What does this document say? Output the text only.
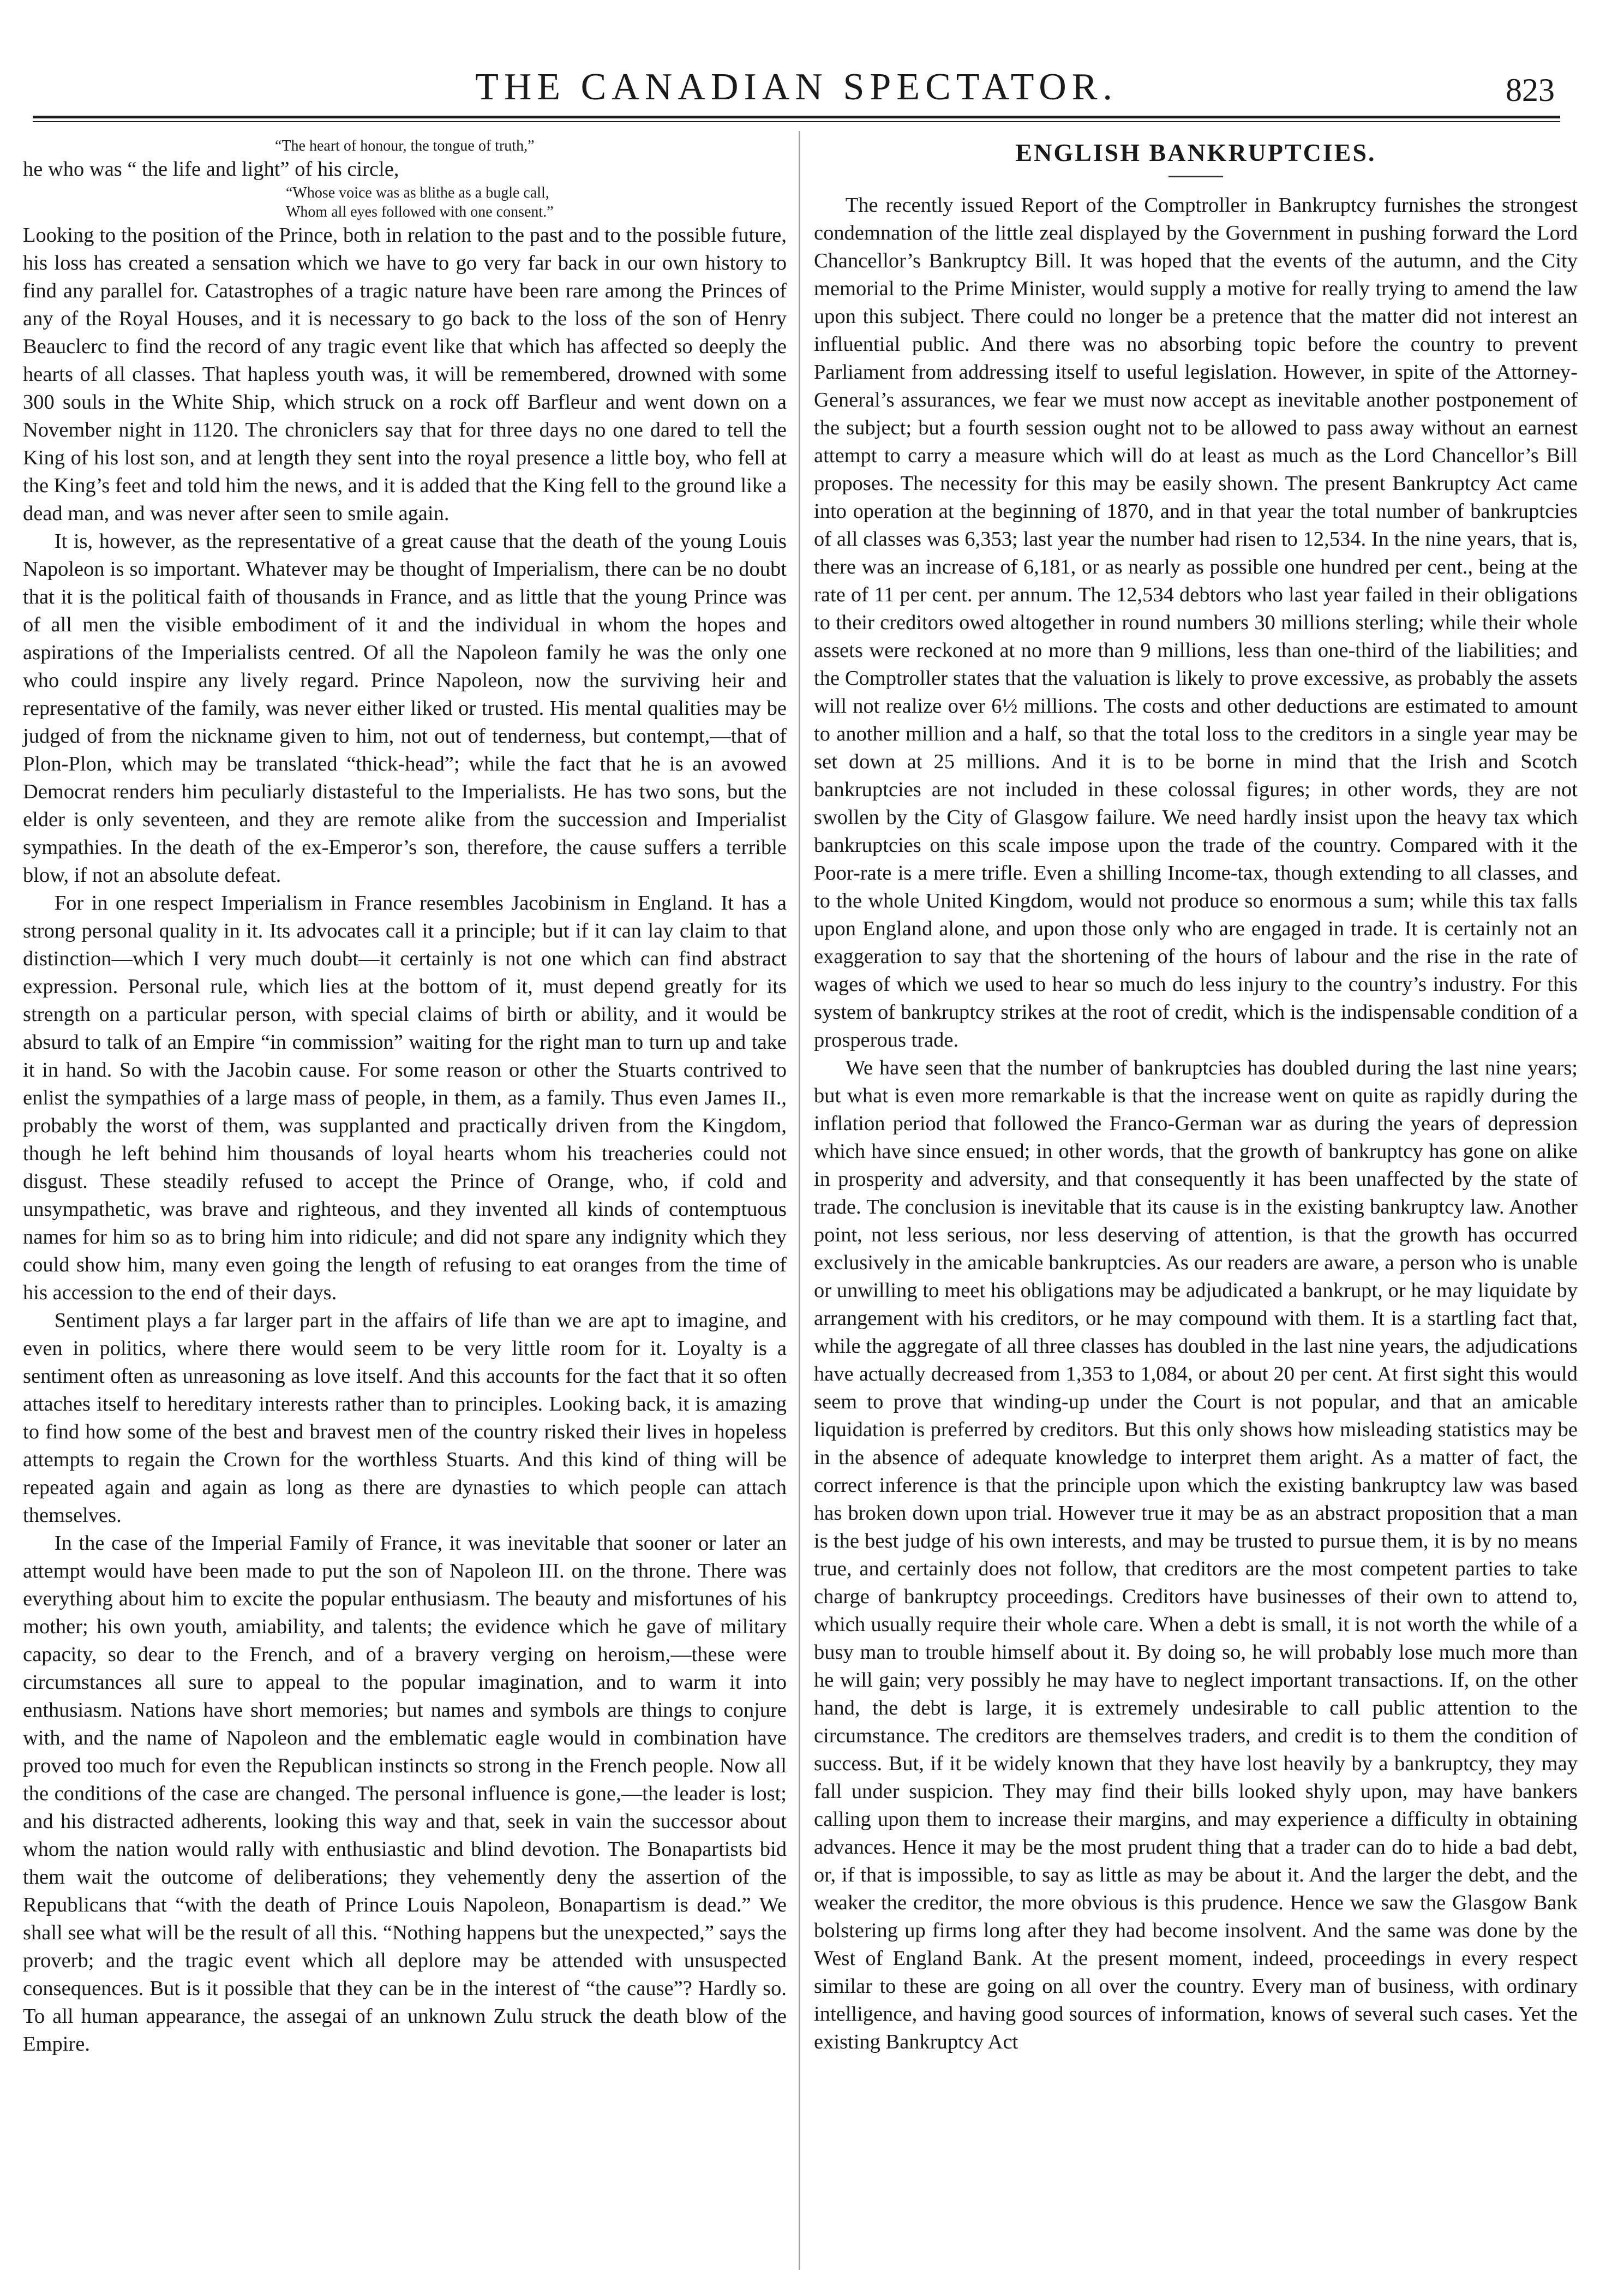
THE CANADIAN SPECTATOR.	823

“The heart of honour, the tongue of truth,”

he who was “ the life and light” of his circle,

“Whose voice was as blithe as a bugle call,

Whom all eyes followed with one consent.”

Looking to the position of the Prince, both in relation to the past and to the possible future, his loss has created a sensation which we have to go very far back in our own history to find any parallel for. Catastrophes of a tragic nature have been rare among the Princes of any of the Royal Houses, and it is necessary to go back to the loss of the son of Henry Beauclerc to find the record of any tragic event like that which has affected so deeply the hearts of all classes. That hapless youth was, it will be remembered, drowned with some 300 souls in the White Ship, which struck on a rock off Barfleur and went down on a November night in 1120. The chroniclers say that for three days no one dared to tell the King of his lost son, and at length they sent into the royal presence a little boy, who fell at the King’s feet and told him the news, and it is added that the King fell to the ground like a dead man, and was never after seen to smile again.

It is, however, as the representative of a great cause that the death of the young Louis Napoleon is so important. Whatever may be thought of Imperialism, there can be no doubt that it is the political faith of thousands in France, and as little that the young Prince was of all men the visible embodiment of it and the individual in whom the hopes and aspirations of the Imperialists centred. Of all the Napoleon family he was the only one who could inspire any lively regard. Prince Napoleon, now the surviving heir and representative of the family, was never either liked or trusted. His mental qualities may be judged of from the nickname given to him, not out of tenderness, but contempt,—that of Plon-Plon, which may be translated “thick-head”; while the fact that he is an avowed Democrat renders him peculiarly distasteful to the Imperialists. He has two sons, but the elder is only seventeen, and they are remote alike from the succession and Imperialist sympathies. In the death of the ex-Emperor’s son, therefore, the cause suffers a terrible blow, if not an absolute defeat.

For in one respect Imperialism in France resembles Jacobinism in England. It has a strong personal quality in it. Its advocates call it a principle; but if it can lay claim to that distinction—which I very much doubt—it certainly is not one which can find abstract expression. Personal rule, which lies at the bottom of it, must depend greatly for its strength on a particular person, with special claims of birth or ability, and it would be absurd to talk of an Empire “in commission” waiting for the right man to turn up and take it in hand. So with the Jacobin cause. For some reason or other the Stuarts contrived to enlist the sympathies of a large mass of people, in them, as a family. Thus even James II., probably the worst of them, was supplanted and practically driven from the Kingdom, though he left behind him thousands of loyal hearts whom his treacheries could not disgust. These steadily refused to accept the Prince of Orange, who, if cold and unsympathetic, was brave and righteous, and they invented all kinds of contemptuous names for him so as to bring him into ridicule; and did not spare any indignity which they could show him, many even going the length of refusing to eat oranges from the time of his accession to the end of their days.

Sentiment plays a far larger part in the affairs of life than we are apt to imagine, and even in politics, where there would seem to be very little room for it. Loyalty is a sentiment often as unreasoning as love itself. And this accounts for the fact that it so often attaches itself to hereditary interests rather than to principles. Looking back, it is amazing to find how some of the best and bravest men of the country risked their lives in hopeless attempts to regain the Crown for the worthless Stuarts. And this kind of thing will be repeated again and again as long as there are dynasties to which people can attach themselves.

In the case of the Imperial Family of France, it was inevitable that sooner or later an attempt would have been made to put the son of Napoleon III. on the throne. There was everything about him to excite the popular enthusiasm. The beauty and misfortunes of his mother; his own youth, amiability, and talents; the evidence which he gave of military capacity, so dear to the French, and of a bravery verging on heroism,—these were circumstances all sure to appeal to the popular imagination, and to warm it into enthusiasm. Nations have short memories; but names and symbols are things to conjure with, and the name of Napoleon and the emblematic eagle would in combination have proved too much for even the Republican instincts so strong in the French people. Now all the conditions of the case are changed. The personal influence is gone,—the leader is lost; and his distracted adherents, looking this way and that, seek in vain the successor about whom the nation would rally with enthusiastic and blind devotion. The Bonapartists bid them wait the outcome of deliberations; they vehemently deny the assertion of the Republicans that “with the death of Prince Louis Napoleon, Bonapartism is dead.” We shall see what will be the result of all this. “Nothing happens but the unexpected,” says the proverb; and the tragic event which all deplore may be attended with unsuspected consequences. But is it possible that they can be in the interest of “the cause”? Hardly so. To all human appearance, the assegai of an unknown Zulu struck the death blow of the Empire.

ENGLISH BANKRUPTCIES.

The recently issued Report of the Comptroller in Bankruptcy furnishes the strongest condemnation of the little zeal displayed by the Government in pushing forward the Lord Chancellor’s Bankruptcy Bill. It was hoped that the events of the autumn, and the City memorial to the Prime Minister, would supply a motive for really trying to amend the law upon this subject. There could no longer be a pretence that the matter did not interest an influential public. And there was no absorbing topic before the country to prevent Parliament from addressing itself to useful legislation. However, in spite of the Attorney-General’s assurances, we fear we must now accept as inevitable another postponement of the subject; but a fourth session ought not to be allowed to pass away without an earnest attempt to carry a measure which will do at least as much as the Lord Chancellor’s Bill proposes. The necessity for this may be easily shown. The present Bankruptcy Act came into operation at the beginning of 1870, and in that year the total number of bankruptcies of all classes was 6,353; last year the number had risen to 12,534. In the nine years, that is, there was an increase of 6,181, or as nearly as possible one hundred per cent., being at the rate of 11 per cent. per annum. The 12,534 debtors who last year failed in their obligations to their creditors owed altogether in round numbers 30 millions sterling; while their whole assets were reckoned at no more than 9 millions, less than one-third of the liabilities; and the Comptroller states that the valuation is likely to prove excessive, as probably the assets will not realize over 6½ millions. The costs and other deductions are estimated to amount to another million and a half, so that the total loss to the creditors in a single year may be set down at 25 millions. And it is to be borne in mind that the Irish and Scotch bankruptcies are not included in these colossal figures; in other words, they are not swollen by the City of Glasgow failure. We need hardly insist upon the heavy tax which bankruptcies on this scale impose upon the trade of the country. Compared with it the Poor-rate is a mere trifle. Even a shilling Income-tax, though extending to all classes, and to the whole United Kingdom, would not produce so enormous a sum; while this tax falls upon England alone, and upon those only who are engaged in trade. It is certainly not an exaggeration to say that the shortening of the hours of labour and the rise in the rate of wages of which we used to hear so much do less injury to the country’s industry. For this system of bankruptcy strikes at the root of credit, which is the indispensable condition of a prosperous trade.

We have seen that the number of bankruptcies has doubled during the last nine years; but what is even more remarkable is that the increase went on quite as rapidly during the inflation period that followed the Franco-German war as during the years of depression which have since ensued; in other words, that the growth of bankruptcy has gone on alike in prosperity and adversity, and that consequently it has been unaffected by the state of trade. The conclusion is inevitable that its cause is in the existing bankruptcy law. Another point, not less serious, nor less deserving of attention, is that the growth has occurred exclusively in the amicable bankruptcies. As our readers are aware, a person who is unable or unwilling to meet his obligations may be adjudicated a bankrupt, or he may liquidate by arrangement with his creditors, or he may compound with them. It is a startling fact that, while the aggregate of all three classes has doubled in the last nine years, the adjudications have actually decreased from 1,353 to 1,084, or about 20 per cent. At first sight this would seem to prove that winding-up under the Court is not popular, and that an amicable liquidation is preferred by creditors. But this only shows how misleading statistics may be in the absence of adequate knowledge to interpret them aright. As a matter of fact, the correct inference is that the principle upon which the existing bankruptcy law was based has broken down upon trial. However true it may be as an abstract proposition that a man is the best judge of his own interests, and may be trusted to pursue them, it is by no means true, and certainly does not follow, that creditors are the most competent parties to take charge of bankruptcy proceedings. Creditors have businesses of their own to attend to, which usually require their whole care. When a debt is small, it is not worth the while of a busy man to trouble himself about it. By doing so, he will probably lose much more than he will gain; very possibly he may have to neglect important transactions. If, on the other hand, the debt is large, it is extremely undesirable to call public attention to the circumstance. The creditors are themselves traders, and credit is to them the condition of success. But, if it be widely known that they have lost heavily by a bankruptcy, they may fall under suspicion. They may find their bills looked shyly upon, may have bankers calling upon them to increase their margins, and may experience a difficulty in obtaining advances. Hence it may be the most prudent thing that a trader can do to hide a bad debt, or, if that is impossible, to say as little as may be about it. And the larger the debt, and the weaker the creditor, the more obvious is this prudence. Hence we saw the Glasgow Bank bolstering up firms long after they had become insolvent. And the same was done by the West of England Bank. At the present moment, indeed, proceedings in every respect similar to these are going on all over the country. Every man of business, with ordinary intelligence, and having good sources of information, knows of several such cases. Yet the existing Bankruptcy Act
